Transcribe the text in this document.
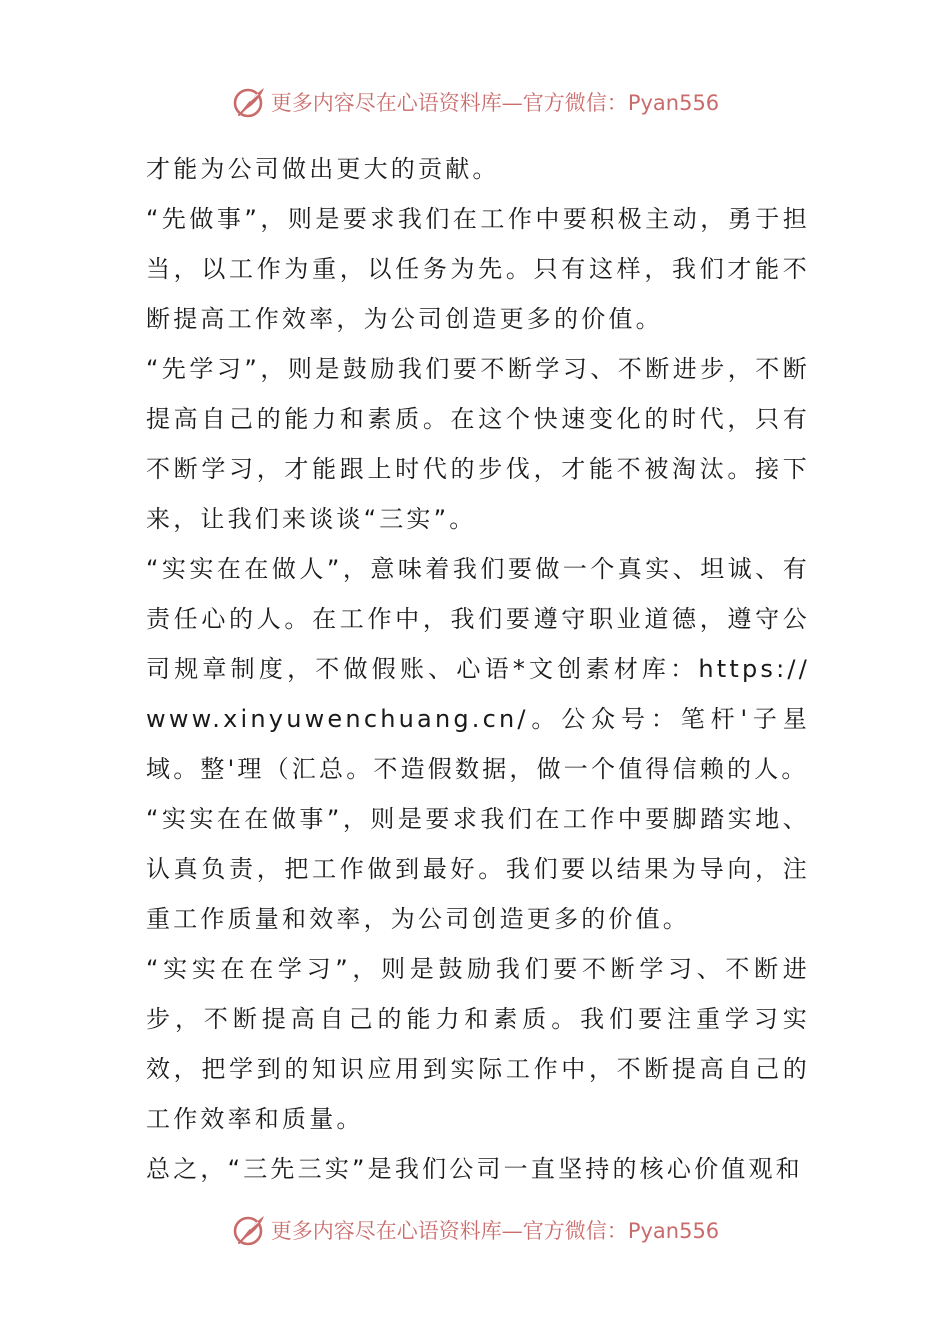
更多内容尽在心语资料库—官方微信：Pyan556

才能为公司做出更大的贡献。

“先做事”，则是要求我们在工作中要积极主动，勇于担当，以工作为重，以任务为先。只有这样，我们才能不断提高工作效率，为公司创造更多的价值。

“先学习”，则是鼓励我们要不断学习、不断进步，不断提高自己的能力和素质。在这个快速变化的时代，只有不断学习，才能跟上时代的步伐，才能不被淘汰。接下来，让我们来谈谈“三实”。

“实实在在做人”，意味着我们要做一个真实、坦诚、有责任心的人。在工作中，我们要遵守职业道德，遵守公司规章制度，不做假账、心语*文创素材库：https://www.xinyuwenchuang.cn/。公众号：笔杆'子星域。整'理（汇总。不造假数据，做一个值得信赖的人。

“实实在在做事”，则是要求我们在工作中要脚踏实地、认真负责，把工作做到最好。我们要以结果为导向，注重工作质量和效率，为公司创造更多的价值。

“实实在在学习”，则是鼓励我们要不断学习、不断进步，不断提高自己的能力和素质。我们要注重学习实效，把学到的知识应用到实际工作中，不断提高自己的工作效率和质量。

总之，“三先三实”是我们公司一直坚持的核心价值观和

更多内容尽在心语资料库—官方微信：Pyan556
